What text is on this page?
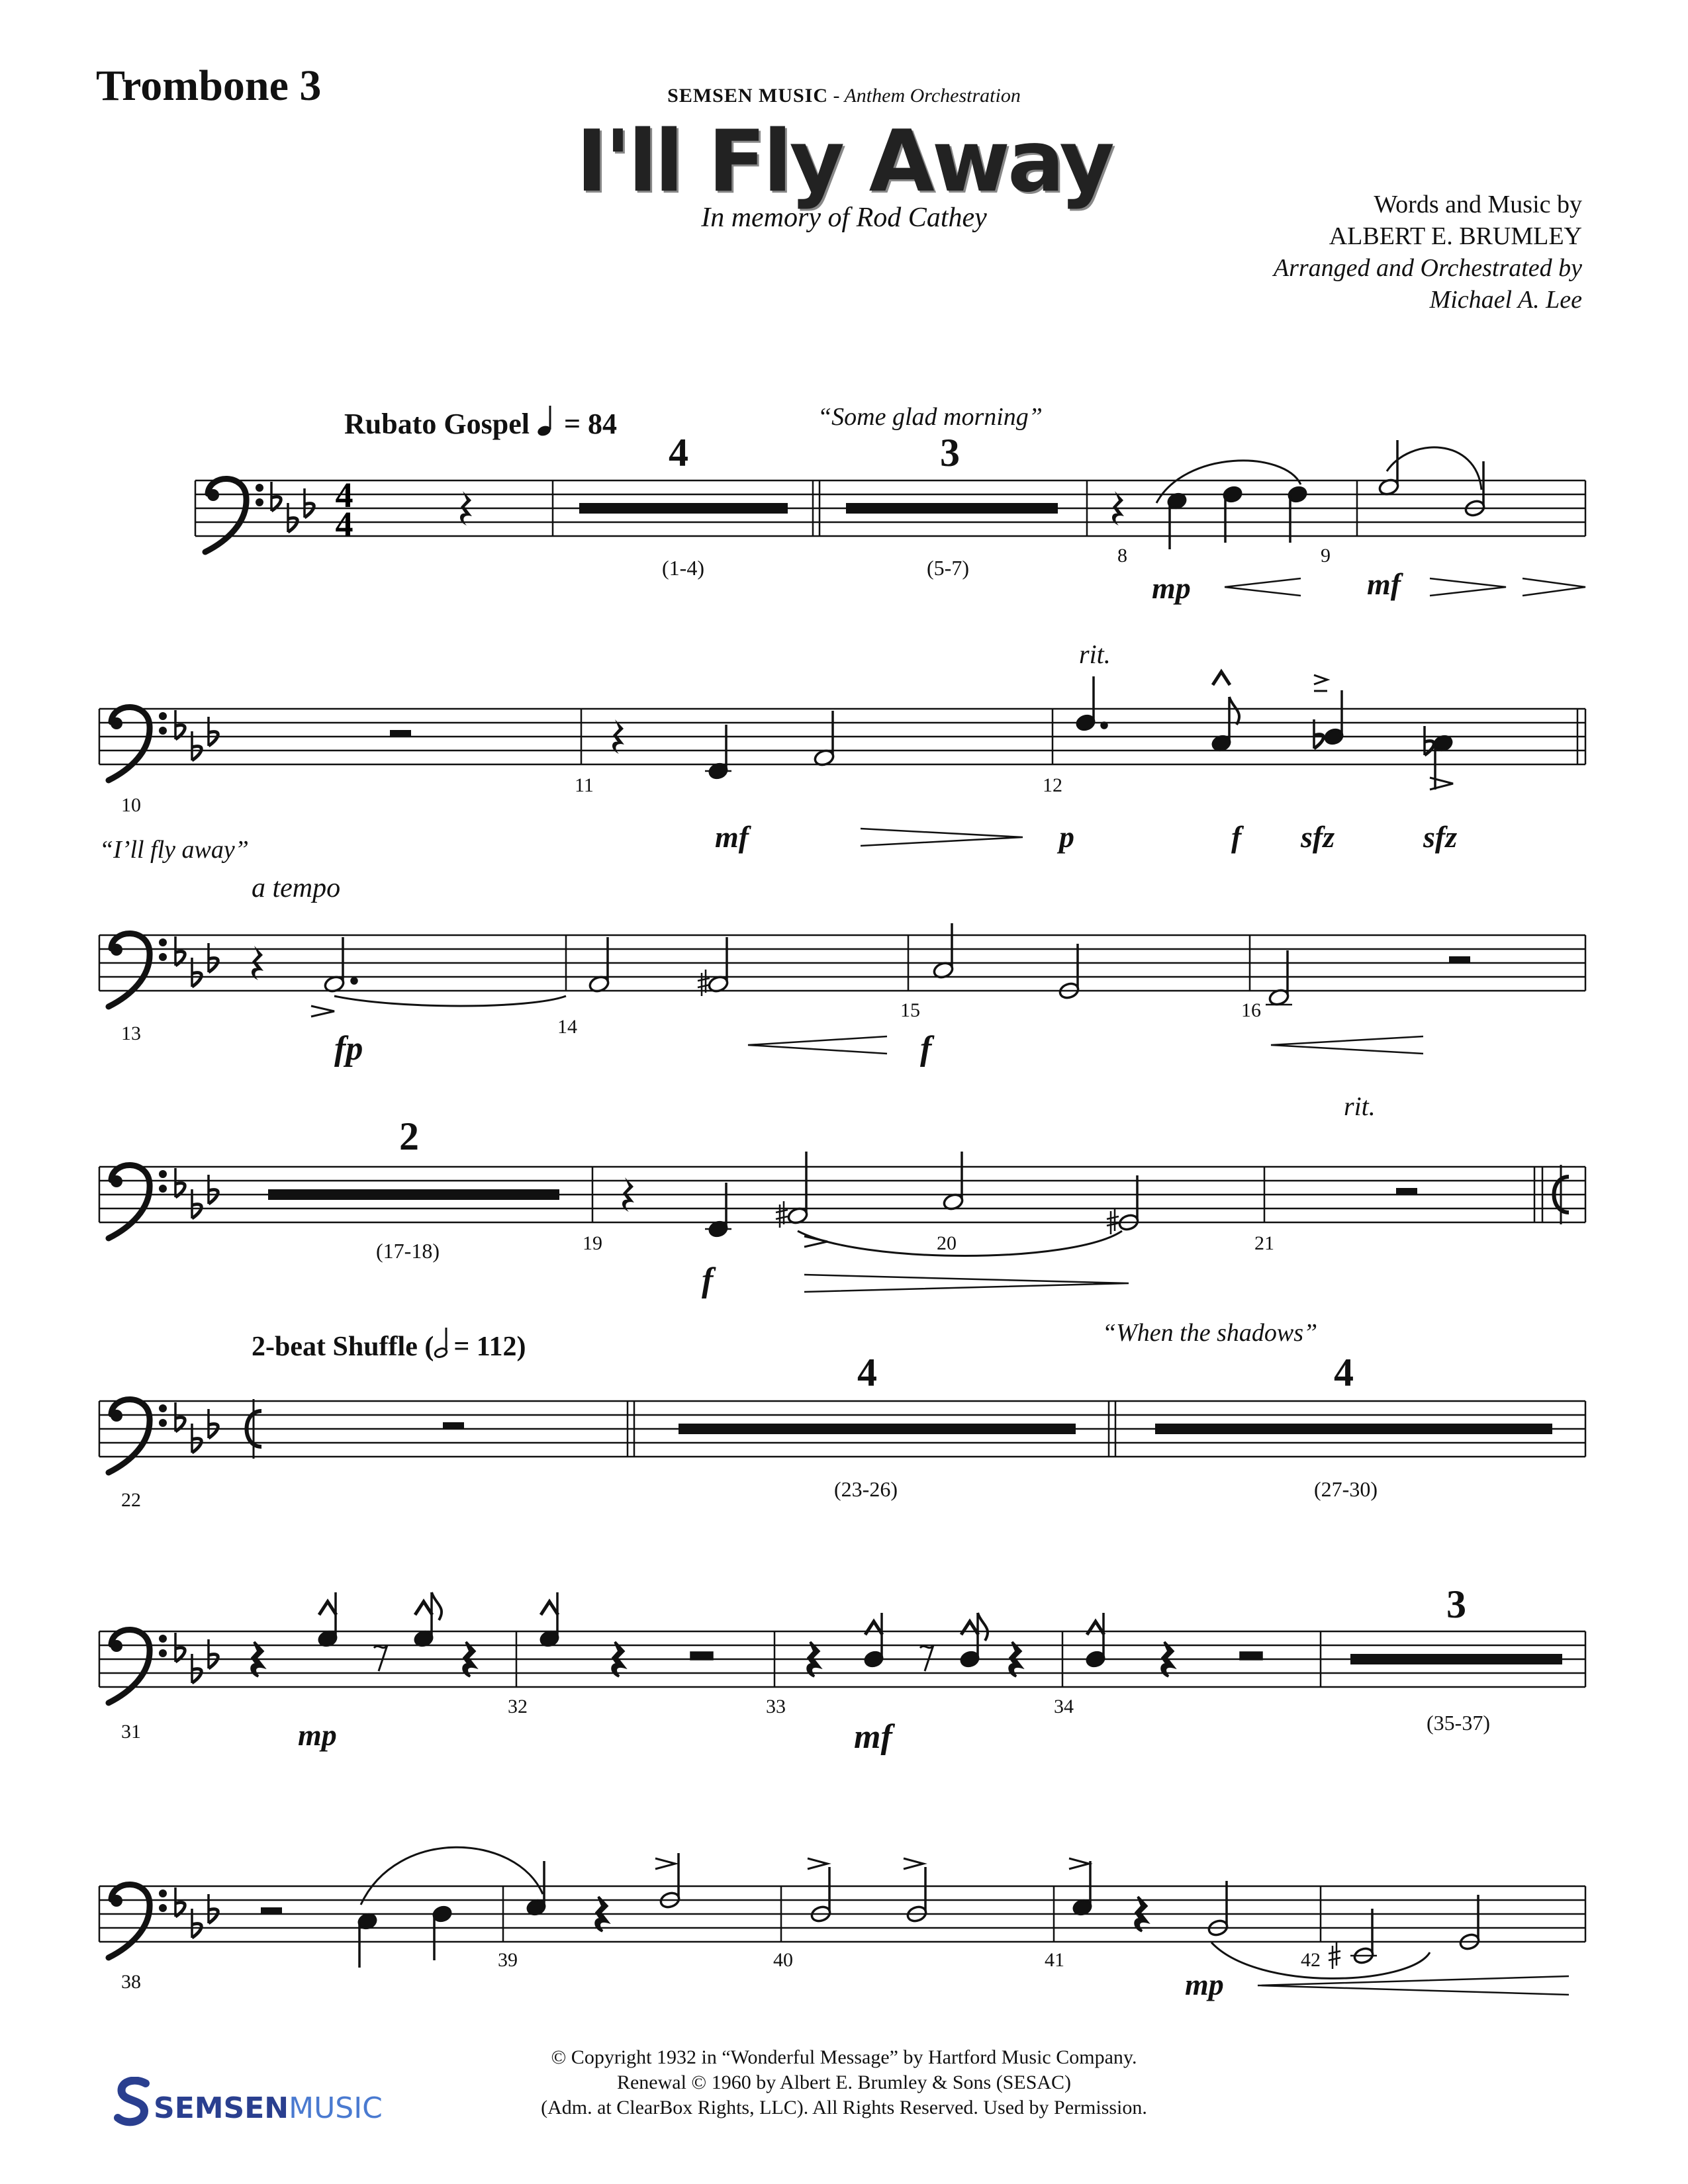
Trombone 3	SEMSEN MUSIC - Anthem Orchestration
I'll Fly Away
In memory of Rod Cathey	Words and Music by
ALBERT E. BRUMLEY
Arranged and Orchestrated by
Michael A. Lee
4
4
Rubato Gospel = 84	“Some glad morning”
4
(1-4)
3
(5-7)
8	9
mp	mf
rit.
10
11	12
mf	p	f sfz	sfz
“I’ll fly away”
a tempo
13	14
15	16
fp	f
2
(17-18)
rit.
19	20	21
f
2-beat Shuffle ( = 112)	“When the shadows”
4
(23-26)
4
(27-30)
22
31
32	33	34
mp	mf
3
(35-37)
38
39	40	41	42
mp
© Copyright 1932 in “Wonderful Message” by Hartford Music Company.
Renewal © 1960 by Albert E. Brumley & Sons (SESAC)
(Adm. at ClearBox Rights, LLC). All Rights Reserved. Used by Permission.
SEMSENMUSIC
